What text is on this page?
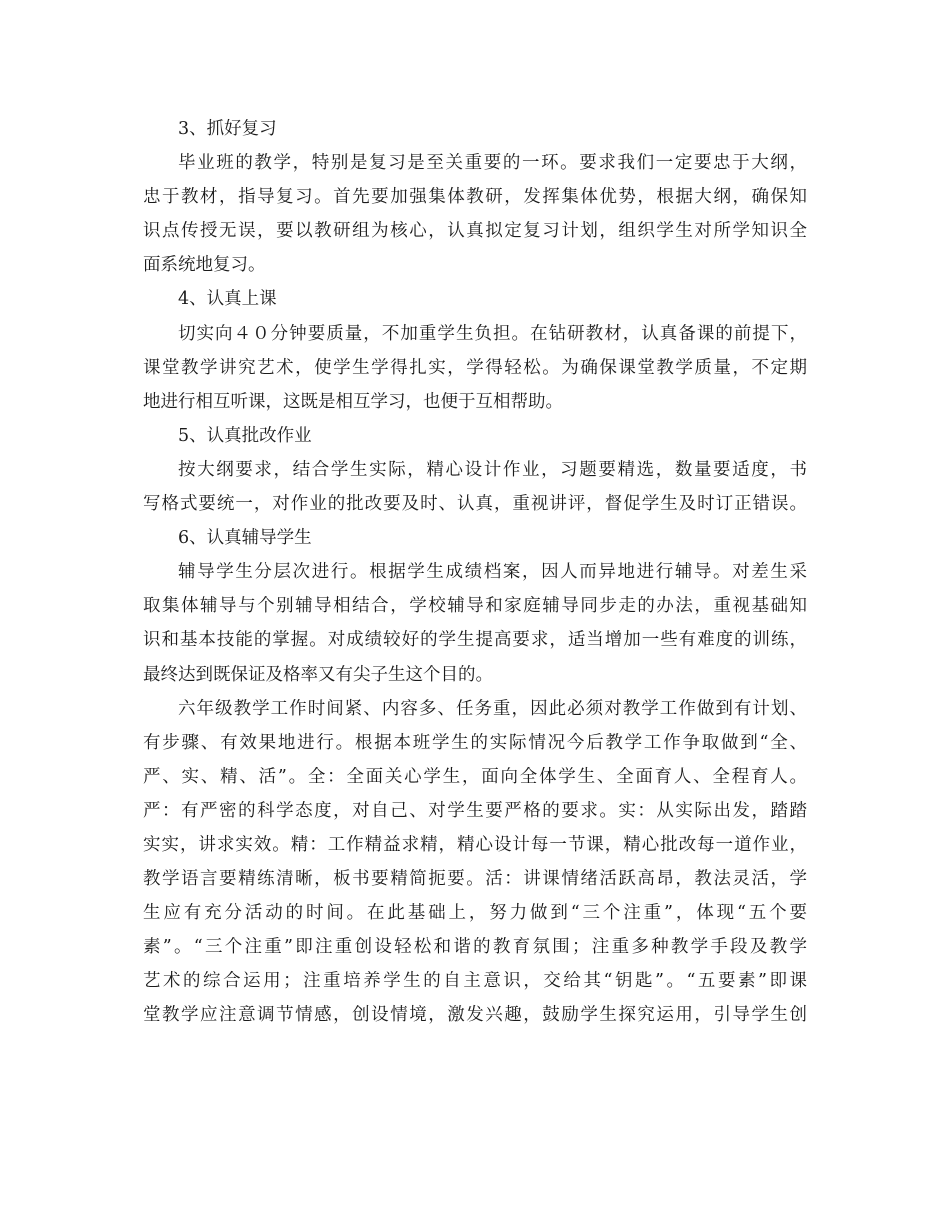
3、抓好复习
毕业班的教学，特别是复习是至关重要的一环。要求我们一定要忠于大纲，
忠于教材，指导复习。首先要加强集体教研，发挥集体优势，根据大纲，确保知
识点传授无误，要以教研组为核心，认真拟定复习计划，组织学生对所学知识全
面系统地复习。
4、认真上课
切实向４０分钟要质量，不加重学生负担。在钻研教材，认真备课的前提下，
课堂教学讲究艺术，使学生学得扎实，学得轻松。为确保课堂教学质量，不定期
地进行相互听课，这既是相互学习，也便于互相帮助。
5、认真批改作业
按大纲要求，结合学生实际，精心设计作业，习题要精选，数量要适度，书
写格式要统一，对作业的批改要及时、认真，重视讲评，督促学生及时订正错误。
6、认真辅导学生
辅导学生分层次进行。根据学生成绩档案，因人而异地进行辅导。对差生采
取集体辅导与个别辅导相结合，学校辅导和家庭辅导同步走的办法，重视基础知
识和基本技能的掌握。对成绩较好的学生提高要求，适当增加一些有难度的训练，
最终达到既保证及格率又有尖子生这个目的。
六年级教学工作时间紧、内容多、任务重，因此必须对教学工作做到有计划、
有步骤、有效果地进行。根据本班学生的实际情况今后教学工作争取做到“全、
严、实、精、活”。全：全面关心学生，面向全体学生、全面育人、全程育人。
严：有严密的科学态度，对自己、对学生要严格的要求。实：从实际出发，踏踏
实实，讲求实效。精：工作精益求精，精心设计每一节课，精心批改每一道作业，
教学语言要精练清晰，板书要精简扼要。活：讲课情绪活跃高昂，教法灵活，学
生应有充分活动的时间。在此基础上，努力做到“三个注重”，体现“五个要
素”。“三个注重”即注重创设轻松和谐的教育氛围；注重多种教学手段及教学
艺术的综合运用；注重培养学生的自主意识，交给其“钥匙”。“五要素”即课
堂教学应注意调节情感，创设情境，激发兴趣，鼓励学生探究运用，引导学生创
